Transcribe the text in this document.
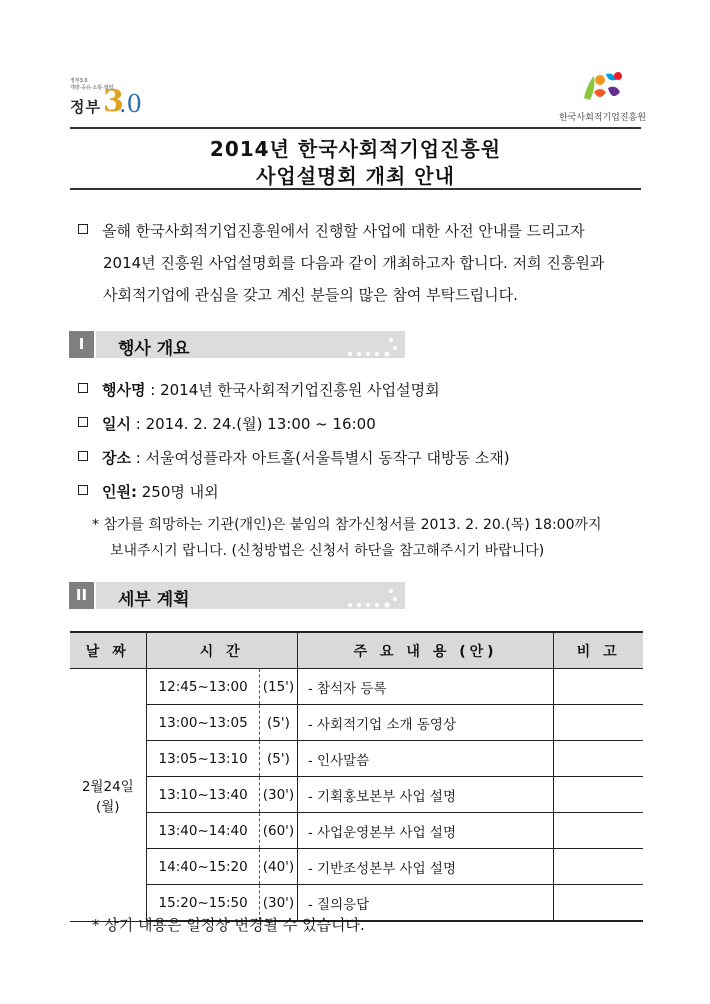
정부3.0
개방·공유·소통·협력
정부 3
.0	한국사회적기업진흥원
2014년 한국사회적기업진흥원
사업설명회 개최 안내
올해 한국사회적기업진흥원에서 진행할 사업에 대한 사전 안내를 드리고자
2014년 진흥원 사업설명회를 다음과 같이 개최하고자 합니다. 저희 진흥원과
사회적기업에 관심을 갖고 계신 분들의 많은 참여 부탁드립니다.
I	행사 개요
행사명 : 2014년 한국사회적기업진흥원 사업설명회
일시 : 2014. 2. 24.(월) 13:00 ~ 16:00
장소 : 서울여성플라자 아트홀(서울특별시 동작구 대방동 소재)
인원: 250명 내외
* 참가를 희망하는 기관(개인)은 붙임의 참가신청서를 2013. 2. 20.(목) 18:00까지
보내주시기 랍니다. (신청방법은 신청서 하단을 참고해주시기 바랍니다)
II	세부 계획
날 짜	시 간		주 요 내 용 (안)	비 고

2월24일
(월)	12:45~13:00	(15')	- 참석자 등록	
	13:00~13:05	(5')	- 사회적기업 소개 동영상	
	13:05~13:10	(5')	- 인사말씀	
	13:10~13:40	(30')	- 기획홍보본부 사업 설명	
	13:40~14:40	(60')	- 사업운영본부 사업 설명	
	14:40~15:20	(40')	- 기반조성본부 사업 설명	
	15:20~15:50	(30')	- 질의응답	
* 상기 내용은 일정상 변경될 수 있습니다.
